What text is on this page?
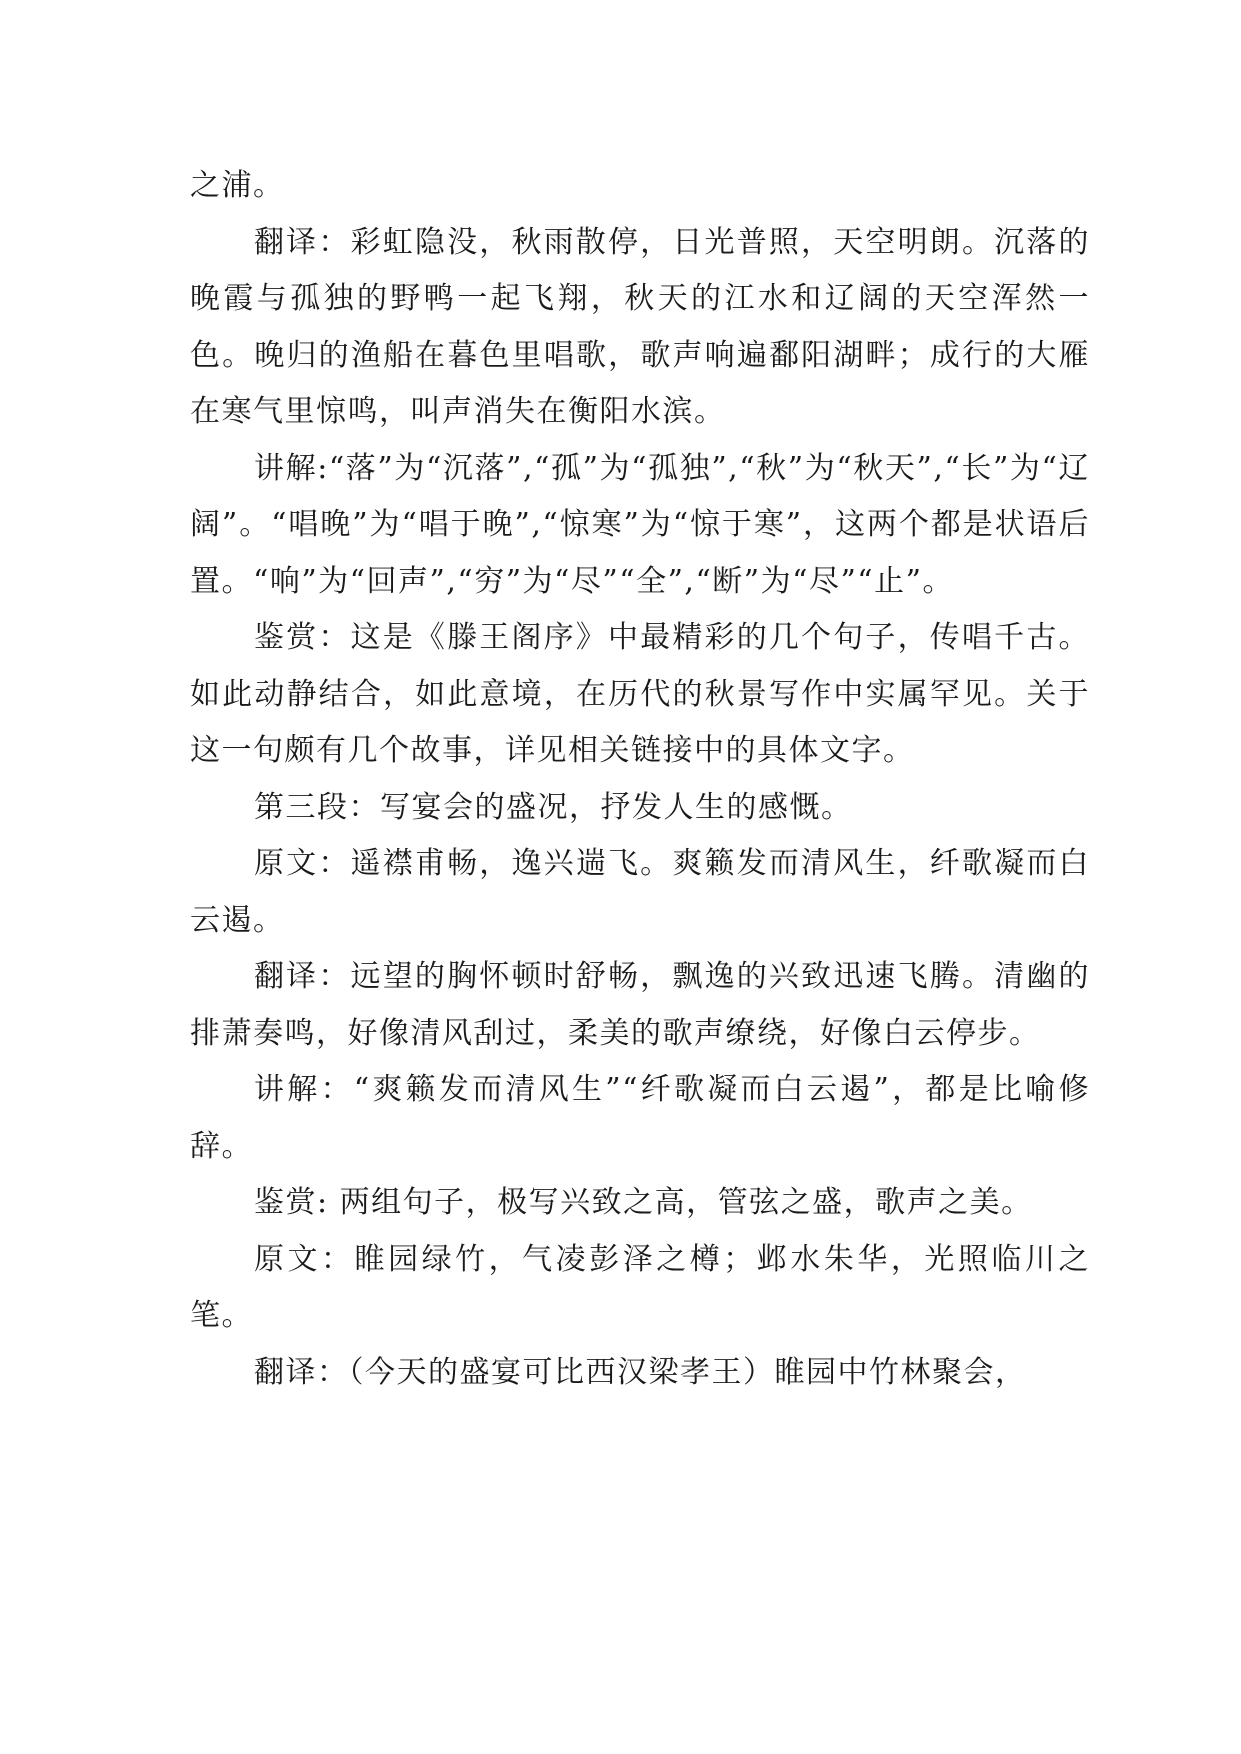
之浦。

翻译：彩虹隐没，秋雨散停，日光普照，天空明朗。沉落的晚霞与孤独的野鸭一起飞翔，秋天的江水和辽阔的天空浑然一色。晚归的渔船在暮色里唱歌，歌声响遍鄱阳湖畔；成行的大雁在寒气里惊鸣，叫声消失在衡阳水滨。

讲解:“落”为“沉落”,“孤”为“孤独”,“秋”为“秋天”,“长”为“辽阔”。“唱晚”为“唱于晚”,“惊寒”为“惊于寒”，这两个都是状语后置。“响”为“回声”,“穷”为“尽”“全”,“断”为“尽”“止”。

鉴赏：这是《滕王阁序》中最精彩的几个句子，传唱千古。如此动静结合，如此意境，在历代的秋景写作中实属罕见。关于这一句颇有几个故事，详见相关链接中的具体文字。

第三段：写宴会的盛况，抒发人生的感慨。

原文：遥襟甫畅，逸兴遄飞。爽籁发而清风生，纤歌凝而白云遏。

翻译：远望的胸怀顿时舒畅，飘逸的兴致迅速飞腾。清幽的排萧奏鸣，好像清风刮过，柔美的歌声缭绕，好像白云停步。

讲解：“爽籁发而清风生”“纤歌凝而白云遏”，都是比喻修辞。

鉴赏: 两组句子，极写兴致之高，管弦之盛，歌声之美。

原文：睢园绿竹，气凌彭泽之樽；邺水朱华，光照临川之笔。

翻译：（今天的盛宴可比西汉梁孝王）睢园中竹林聚会，
